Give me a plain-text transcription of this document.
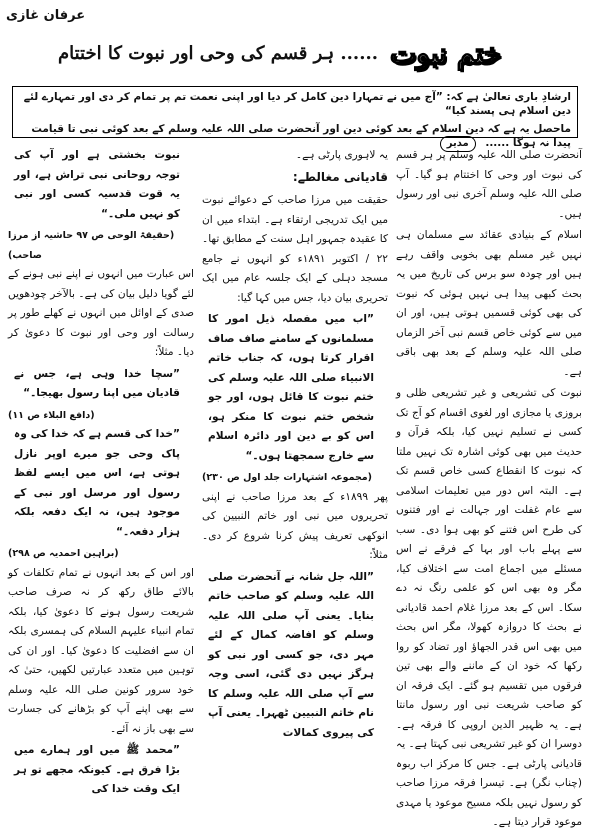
عرفان غازی
ختم نبوت
...... ہر قسم کی وحی اور نبوت کا اختتام
ارشادِ باری تعالیٰ ہے کہ: ”آج میں نے تمہارا دین کامل کر دیا اور اپنی نعمت تم پر تمام کر دی اور تمہارے لئے دین اسلام ہی پسند کیا“
ماحصل یہ ہے کہ دین اسلام کے بعد کوئی دین اور آنحضرت صلی اللہ علیہ وسلم کے بعد کوئی نبی تا قیامت پیدا نہ ہوگا ...... مدیر

آنحضرت صلی اللہ علیہ وسلم پر ہر قسم کی نبوت اور وحی کا اختتام ہو گیا۔ آپ صلی اللہ علیہ وسلم آخری نبی اور رسول ہیں۔

اسلام کے بنیادی عقائد سے مسلمان ہی نہیں غیر مسلم بھی بخوبی واقف رہے ہیں اور چودہ سو برس کی تاریخ میں یہ بحث کبھی پیدا ہی نہیں ہوئی کہ نبوت کی بھی کوئی قسمیں ہوتی ہیں، اور ان میں سے کوئی خاص قسم نبی آخر الزماں صلی اللہ علیہ وسلم کے بعد بھی باقی ہے۔

نبوت کی تشریعی و غیر تشریعی ظلی و بروزی یا مجازی اور لغوی اقسام کو آج تک کسی نے تسلیم نہیں کیا، بلکہ قرآن و حدیث میں بھی کوئی اشارہ تک نہیں ملتا کہ نبوت کا انقطاع کسی خاص قسم تک ہے۔ البتہ اس دور میں تعلیمات اسلامی سے عام غفلت اور جہالت نے اور فتنوں کی طرح اس فتنے کو بھی ہوا دی۔ سب سے پہلے باب اور بہا کے فرقے نے اس مسئلے میں اجماع امت سے اختلاف کیا، مگر وہ بھی اس کو علمی رنگ نہ دے سکا۔ اس کے بعد مرزا غلام احمد قادیانی نے بحث کا دروازہ کھولا، مگر اس بحث میں بھی اس قدر الجھاؤ اور تضاد کو روا رکھا کہ خود ان کے ماننے والے بھی تین فرقوں میں تقسیم ہو گئے۔ ایک فرقہ ان کو صاحب شریعت نبی اور رسول مانتا ہے۔ یہ ظہیر الدین اروپی کا فرقہ ہے۔ دوسرا ان کو غیر تشریعی نبی کہتا ہے۔ یہ قادیانی پارٹی ہے۔ جس کا مرکز اب ربوہ (چناب نگر) ہے۔ تیسرا فرقہ مرزا صاحب کو رسول نہیں بلکہ مسیح موعود یا مہدی موعود قرار دیتا ہے۔

یہ لاہوری پارٹی ہے۔

قادیانی مغالطے:

حقیقت میں مرزا صاحب کے دعوائے نبوت میں ایک تدریجی ارتقاء ہے۔ ابتداء میں ان کا عقیدہ جمہور اہل سنت کے مطابق تھا۔ ۲۲ / اکتوبر ۱۸۹۱ء کو انہوں نے جامع مسجد دہلی کے ایک جلسہ عام میں ایک تحریری بیان دیا، جس میں کہا گیا:

”اب میں مفصلہ ذیل امور کا مسلمانوں کے سامنے صاف صاف اقرار کرتا ہوں، کہ جناب خاتم الانبیاء صلی اللہ علیہ وسلم کی ختم نبوت کا قائل ہوں، اور جو شخص ختم نبوت کا منکر ہو، اس کو بے دین اور دائرہ اسلام سے خارج سمجھتا ہوں۔“

(مجموعہ اشتہارات جلد اول ص ۲۳۰)

پھر ۱۸۹۹ء کے بعد مرزا صاحب نے اپنی تحریروں میں نبی اور خاتم النبیین کی انوکھی تعریف پیش کرنا شروع کر دی۔ مثلاً:

”اللہ جل شانہ نے آنحضرت صلی اللہ علیہ وسلم کو صاحب خاتم بنایا۔ یعنی آپ صلی اللہ علیہ وسلم کو افاضہ کمال کے لئے مہر دی، جو کسی اور نبی کو ہرگز نہیں دی گئی، اسی وجہ سے آپ صلی اللہ علیہ وسلم کا نام خاتم النبیین ٹھہرا۔ یعنی آپ کی پیروی کمالات

نبوت بخشتی ہے اور آپ کی توجہ روحانی نبی تراش ہے، اور یہ قوت قدسیہ کسی اور نبی کو نہیں ملی۔“

(حقیقۃ الوحی ص ۹۷ حاشیہ از مرزا صاحب)

اس عبارت میں انہوں نے اپنے نبی ہونے کے لئے گویا دلیل بیان کی ہے۔ بالآخر چودھویں صدی کے اوائل میں انہوں نے کھلے طور پر رسالت اور وحی اور نبوت کا دعویٰ کر دیا۔ مثلاً:

”سچا خدا وہی ہے، جس نے قادیان میں اپنا رسول بھیجا۔“

(دافع البلاء ص ۱۱)

”خدا کی قسم ہے کہ خدا کی وہ پاک وحی جو میرے اوپر نازل ہوتی ہے، اس میں ایسے لفظ رسول اور مرسل اور نبی کے موجود ہیں، نہ ایک دفعہ بلکہ ہزار دفعہ۔“

(براہین احمدیہ ص ۲۹۸)

اور اس کے بعد انہوں نے تمام تکلفات کو بالائے طاق رکھ کر نہ صرف صاحب شریعت رسول ہونے کا دعویٰ کیا، بلکہ تمام انبیاء علیہم السلام کی ہمسری بلکہ ان سے افضلیت کا دعویٰ کیا۔ اور ان کی توہین میں متعدد عبارتیں لکھیں، حتیٰ کہ خود سرور کونین صلی اللہ علیہ وسلم سے بھی اپنے آپ کو بڑھانے کی جسارت سے بھی باز نہ آئے۔

”محمد ﷺ میں اور ہمارے میں بڑا فرق ہے۔ کیونکہ مجھے تو ہر ایک وقت خدا کی
